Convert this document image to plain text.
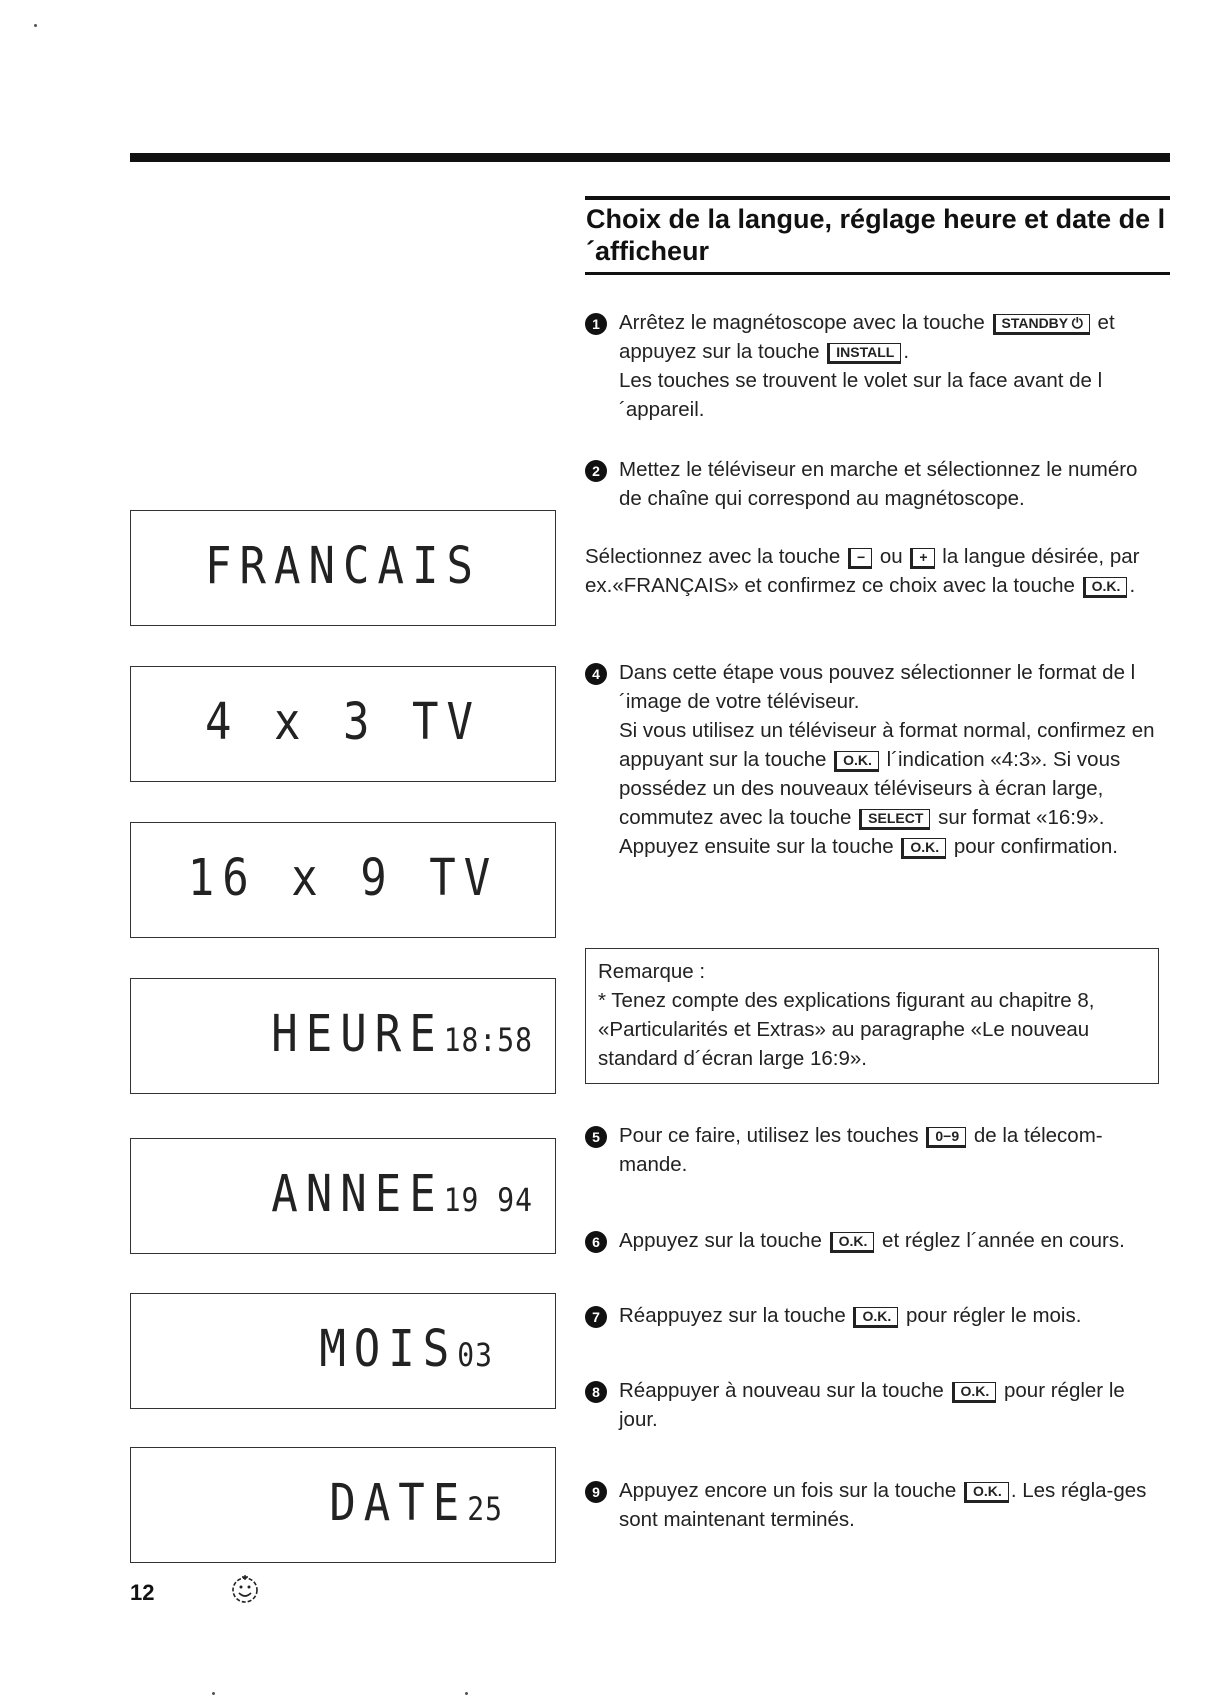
Choix de la langue, réglage heure et date de l´afficheur
FRANCAIS
4 x 3 TV
16 x 9 TV
HEURE18:58
ANNEE19 94
MOIS03
DATE25
1 Arrêtez le magnétoscope avec la touche STANDBY ⏻ et appuyez sur la touche INSTALL .
Les touches se trouvent le volet sur la face avant de l´appareil.
2 Mettez le téléviseur en marche et sélectionnez le numéro de chaîne qui correspond au magnétoscope.
Sélectionnez avec la touche − ou + la langue désirée, par ex.«FRANÇAIS» et confirmez ce choix avec la touche O.K. .
4 Dans cette étape vous pouvez sélectionner le format de l´image de votre téléviseur.
Si vous utilisez un téléviseur à format normal, confirmez en appuyant sur la touche O.K. l´indication «4:3». Si vous possédez un des nouveaux téléviseurs à écran large, commutez avec la touche SELECT sur format «16:9».
Appuyez ensuite sur la touche O.K. pour confirmation.
Remarque :
* Tenez compte des explications figurant au chapitre 8, «Particularités et Extras» au paragraphe «Le nouveau standard d´écran large 16:9».
5 Pour ce faire, utilisez les touches 0−9 de la télecom-mande.
6 Appuyez sur la touche O.K. et réglez l´année en cours.
7 Réappuyez sur la touche O.K. pour régler le mois.
8 Réappuyer à nouveau sur la touche O.K. pour régler le jour.
9 Appuyez encore un fois sur la touche O.K. . Les régla-ges sont maintenant terminés.
12
